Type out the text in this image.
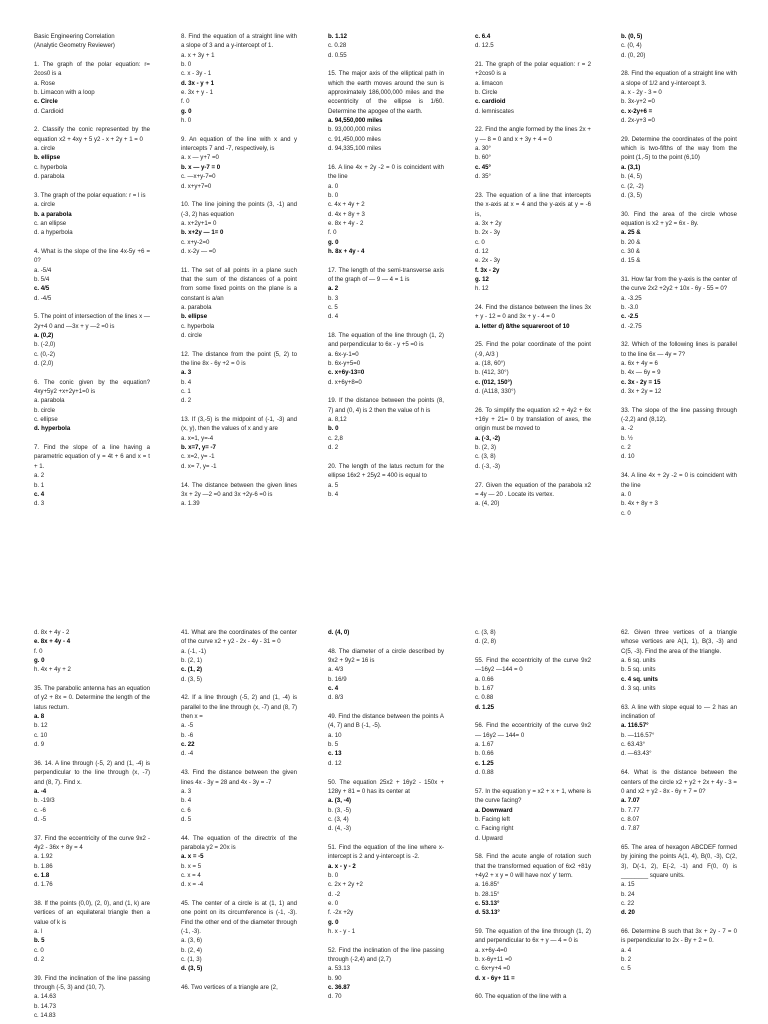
Basic Engineering Correlation
(Analytic Geometry Reviewer)

1. The graph of the polar equation: r= 2cos0 is a

a. Rose
b. Limacon with a loop
c. Circle
d. Cardioid

2. Classify the conic represented by the equation x2 + 4xy + 5 y2 - x + 2y + 1 = 0

a. circle
b. ellipse
c. hyperbola
d. parabola

3. The graph of the polar equation: r = l is

a. circle
b. a parabola
c. an ellipse
d. a hyperbola

4. What is the slope of the line 4x-5y +6 = 0?

a. -5/4
b. 5/4
c. 4/5
d. -4/5

5. The point of intersection of the lines x — 2y+4 0 and —3x + y —2 =0 is

a. (0,2)
b. (-2,0)
c. (0,-2)
d. (2,0)

6. The conic given by the equation? 4xy+5y2 +x+2y+1=0 is

a. parabola
b. circle
c. ellipse
d. hyperbola

7. Find the slope of a line having a parametric equation of y = 4t + 6 and x = t + 1.

a. 2
b. 1
c. 4
d. 3

8. Find the equation of a straight line with a slope of 3 and a y-intercept of 1.

a. x + 3y + 1
b. 0
c. x - 3y - 1
d. 3x - y + 1
e. 3x + y - 1
f. 0
g. 0
h. 0

9. An equation of the line with x and y intercepts 7 and -7, respectively, is

a. x — y+7 =0
b. x — y-7 = 0
c. —x+y-7=0
d. x+y+7=0

10. The line joining the points (3, -1) and (-3, 2) has equation

a. x+2y+1= 0
b. x+2y — 1= 0
c. x+y-2=0
d. x-2y — =0

11. The set of all points in a plane such that the sum of the distances of a point from some fixed points on the plane is a constant is a/an

a. parabola
b. ellipse
c. hyperbola
d. circle

12. The distance from the point (5, 2) to the line 8x - 6y +2 = 0 is

a. 3
b. 4
c. 1
d. 2

13. If (3,-5) is the midpoint of (-1, -3) and (x, y), then the values of x and y are

a. x=1, y=-4
b. x=7, y= -7
c. x=2, y= -1
d. x= 7, y= -1

14. The distance between the given lines 3x + 2y —2 =0 and 3x +2y-6 =0 is

a. 1.39
b. 1.12
c. 0.28
d. 0.55

15. The major axis of the elliptical path in which the earth moves around the sun is approximately 186,000,000 miles and the eccentricity of the ellipse is 1/60. Determine the apogee of the earth.

a. 94,550,000 miles
b. 93,000,000 miles
c. 91,450,000 miles
d. 94,335,100 miles

16. A line 4x + 2y -2 = 0 is coincident with the line

a. 0
b. 0
c. 4x + 4y + 2
d. 4x + 8y + 3
e. 8x + 4y - 2
f. 0
g. 0
h. 8x + 4y - 4

17. The length of the semi-transverse axis of the graph of — 9 — 4 = 1 is

a. 2
b. 3
c. 5
d. 4

18. The equation of the line through (1, 2) and perpendicular to 6x - y +5 =0 is

a. 6x-y-1=0
b. 6x-y+5=0
c. x+6y-13=0
d. x+6y+8=0

19. If the distance between the points (8, 7) and (0, 4) is 2 then the value of h is

a. 8,12
b. 0
c. 2,8
d. 2

20. The length of the latus rectum for the ellipse 16x2 + 25y2 = 400 is equal to

a. 5
b. 4
c. 6.4
d. 12.5

21. The graph of the polar equation: r = 2 +2cos0 is a

a. limacon
b. Circle
c. cardioid
d. lemniscates

22. Find the angle formed by the lines 2x + y — 8 = 0 and x + 3y + 4 = 0

a. 30°
b. 60°
c. 45°
d. 35°

23. The equation of a line that intercepts the x-axis at x = 4 and the y-axis at y = -6 is,

a. 3x + 2y
b. 2x - 3y
c. 0
d. 12
e. 2x - 3y
f. 3x - 2y
g. 12
h. 12

24. Find the distance between the lines 3x + y - 12 = 0 and 3x + y - 4 = 0

a. letter d) 8/the squareroot of 10

25. Find the polar coordinate of the point (-9, A/3 )

a. (18, 60°)
b. (412, 30°)
c. (012, 150°)
d. (A118, 330°)

26. To simplify the equation x2 + 4y2 + 6x +16y + 21= 0 by translation of axes, the origin must be moved to

a. (-3, -2)
b. (2, 3)
c. (3, 8)
d. (-3, -3)

27. Given the equation of the parabola x2 = 4y — 20 . Locate its vertex.

a. (4, 20)
b. (0, 5)
c. (0, 4)
d. (0, 20)

28. Find the equation of a straight line with a slope of 1/2 and y-intercept 3.

a. x - 2y - 3 = 0
b. 3x-y+2 =0
c. x-2y+6 =
d. 2x-y+3 =0

29. Determine the coordinates of the point which is two-fifths of the way from the point (1,-5) to the point (6,10)

a. (3,1)
b. (4, 5)
c. (2, -2)
d. (3, 5)

30. Find the area of the circle whose equation is x2 + y2 = 6x - 8y.

a. 25 &
b. 20 &
c. 30 &
d. 15 &

31. How far from the y-axis is the center of the curve 2x2 +2y2 + 10x - 6y - 55 = 0?

a. -3.25
b. -3.0
c. -2.5
d. -2.75

32. Which of the following lines is parallel to the line 6x — 4y = 7?

a. 6x + 4y = 6
b. 4x — 6y = 9
c. 3x - 2y = 15
d. 3x + 2y = 12

33. The slope of the line passing through (-2,2) and (8,12).

a. -2
b. ½
c. 2
d. 10

34. A line 4x + 2y -2 = 0 is coincident with the line

a. 0
b. 4x + 8y + 3
c. 0
d. 8x + 4y - 2
e. 8x + 4y - 4
f. 0
g. 0
h. 4x + 4y + 2

35. The parabolic antenna has an equation of y2 + 8x = 0. Determine the length of the latus rectum.

a. 8
b. 12
c. 10
d. 9

36. 14. A line through (-5, 2) and (1, -4) is perpendicular to the line through (x, -7) and (8, 7). Find x.

a. -4
b. -19/3
c. -6
d. -5

37. Find the eccentricity of the curve 9x2 - 4y2 - 36x + 8y = 4

a. 1.92
b. 1.86
c. 1.8
d. 1.76

38. If the points (0,0), (2, 0), and (1, k) are vertices of an equilateral triangle then a value of k is

a. l
b. 5
c. 0
d. 2

39. Find the inclination of the line passing through (-5, 3) and (10, 7).

a. 14.63
b. 14.73
c. 14.83

41. What are the coordinates of the center of the curve x2 + y2 - 2x - 4y - 31 = 0

a. (-1, -1)
b. (2, 1)
c. (1, 2)
d. (3, 5)

42. If a line through (-5, 2) and (1, -4) is parallel to the line through (x, -7) and (8, 7) then x =

a. -5
b. -6
c. 22
d. -4

43. Find the distance between the given lines 4x - 3y = 28 and 4x - 3y = -7

a. 3
b. 4
c. 6
d. 5

44. The equation of the directrix of the parabola y2 = 20x is

a. x = -5
b. x = 5
c. x = 4
d. x = -4

45. The center of a circle is at (1, 1) and one point on its circumference is (-1, -3). Find the other end of the diameter through (-1, -3).

a. (3, 6)
b. (2, 4)
c. (1, 3)
d. (3, 5)

46. Two vertices of a triangle are (2,

d. (4, 0)

48. The diameter of a circle described by 9x2 + 9y2 = 16 is

a. 4/3
b. 16/9
c. 4
d. 8/3

49. Find the distance between the points A (4, 7) and B (-1, -5).

a. 10
b. 5
c. 13
d. 12

50. The equation 25x2 + 16y2 - 150x + 128y + 81 = 0 has its center at

a. (3, -4)
b. (3, -5)
c. (3, 4)
d. (4, -3)

51. Find the equation of the line where x-intercept is 2 and y-intercept is -2.

a. x - y - 2
b. 0
c. 2x + 2y +2
d. -2
e. 0
f. -2x +2y
g. 0
h. x - y - 1

52. Find the inclination of the line passing through (-2,4) and (2,7)

a. 53.13
b. 90
c. 36.87
d. 70
c. (3, 8)
d. (2, 8)

55. Find the eccentricity of the curve 9x2 —16y2 —144 = 0

a. 0.66
b. 1.67
c. 0.88
d. 1.25

56. Find the eccentricity of the curve 9x2 — 16y2 — 144= 0

a. 1.67
b. 0.66
c. 1.25
d. 0.88

57. In the equation y = x2 + x + 1, where is the curve facing?

a. Downward
b. Facing left
c. Facing right
d. Upward

58. Find the acute angle of rotation such that the transformed equation of 6x2 +81y +4y2 + x y = 0 will have nox' y' term.

a. 16.85°
b. 28.15°
c. 53.13°
d. 53.13°

59. The equation of the line through (1, 2) and perpendicular to 6x + y — 4 = 0 is

a. x+6y-4=0
b. x-6y+11 =0
c. 6x+y+4 =0
d. x - 6y+ 11 =

60. The equation of the line with a

62. Given three vertices of a triangle whose vertices are A(1, 1), B(3, -3) and C(5, -3). Find the area of the triangle.

a. 6 sq. units
b. 5 sq. units
c. 4 sq. units
d. 3 sq. units

63. A line with slope equal to — 2 has an inclination of

a. 116.57°
b. —116.57°
c. 63.43°
d. —63.43°

64. What is the distance between the centers of the circle x2 + y2 + 2x + 4y - 3 = 0 and x2 + y2 - 8x - 6y + 7 = 0?

a. 7.07
b. 7.77
c. 8.07
d. 7.87

65. The area of hexagon ABCDEF formed by joining the points A(1, 4), B(0, -3), C(2, 3), D(-1, 2), E(-2, -1) and F(0, 0) is ________ square units.

a. 15
b. 24
c. 22
d. 20

66. Determine B such that 3x + 2y - 7 = 0 is perpendicular to 2x - By + 2 = 0.

a. 4
b. 2
c. 5
